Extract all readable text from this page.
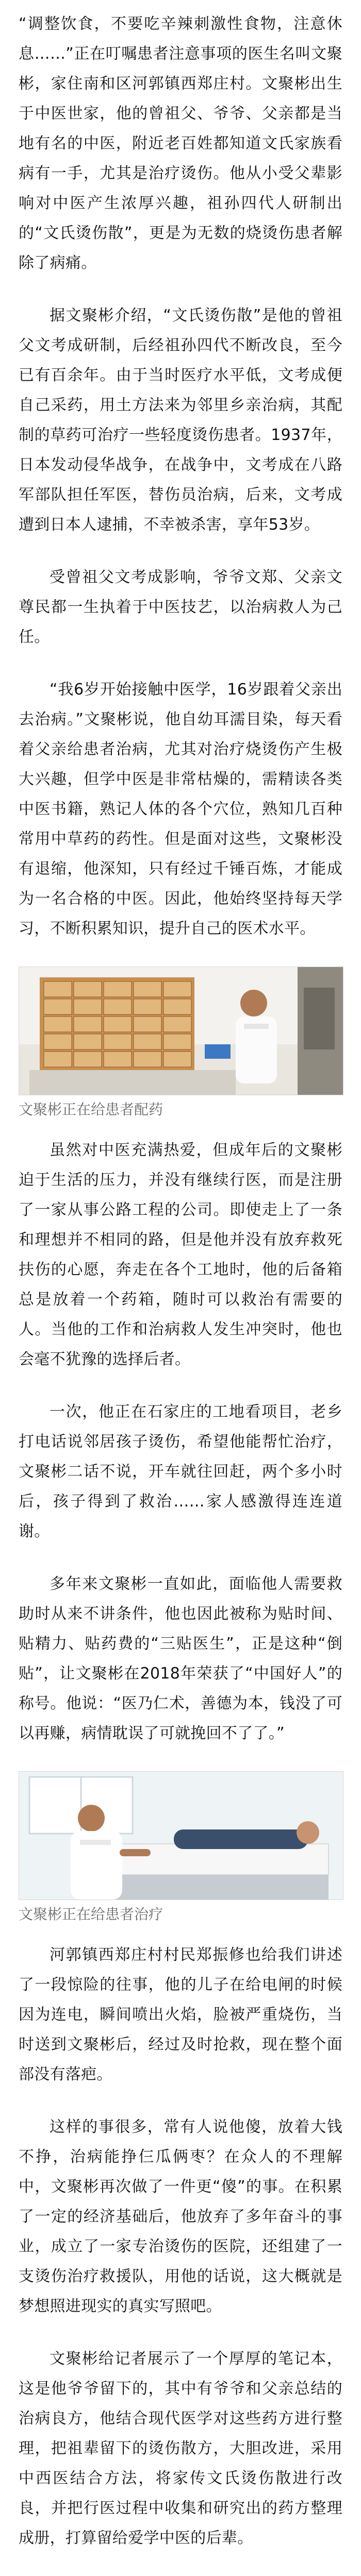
“调整饮食，不要吃辛辣刺激性食物，注意休息……”正在叮嘱患者注意事项的医生名叫文聚彬，家住南和区河郭镇西郑庄村。文聚彬出生于中医世家，他的曾祖父、爷爷、父亲都是当地有名的中医，附近老百姓都知道文氏家族看病有一手，尤其是治疗烫伤。他从小受父辈影响对中医产生浓厚兴趣，祖孙四代人研制出的“文氏烫伤散”，更是为无数的烧烫伤患者解除了病痛。

据文聚彬介绍，“文氏烫伤散”是他的曾祖父文考成研制，后经祖孙四代不断改良，至今已有百余年。由于当时医疗水平低，文考成便自己采药，用土方法来为邻里乡亲治病，其配制的草药可治疗一些轻度烫伤患者。1937年，日本发动侵华战争，在战争中，文考成在八路军部队担任军医，替伤员治病，后来，文考成遭到日本人逮捕，不幸被杀害，享年53岁。

受曾祖父文考成影响，爷爷文郑、父亲文尊民都一生执着于中医技艺，以治病救人为己任。

“我6岁开始接触中医学，16岁跟着父亲出去治病。”文聚彬说，他自幼耳濡目染，每天看着父亲给患者治病，尤其对治疗烧烫伤产生极大兴趣，但学中医是非常枯燥的，需精读各类中医书籍，熟记人体的各个穴位，熟知几百种常用中草药的药性。但是面对这些，文聚彬没有退缩，他深知，只有经过千锤百炼，才能成为一名合格的中医。因此，他始终坚持每天学习，不断积累知识，提升自己的医术水平。

文聚彬正在给患者配药

虽然对中医充满热爱，但成年后的文聚彬迫于生活的压力，并没有继续行医，而是注册了一家从事公路工程的公司。即使走上了一条和理想并不相同的路，但是他并没有放弃救死扶伤的心愿，奔走在各个工地时，他的后备箱总是放着一个药箱，随时可以救治有需要的人。当他的工作和治病救人发生冲突时，他也会毫不犹豫的选择后者。

一次，他正在石家庄的工地看项目，老乡打电话说邻居孩子烫伤，希望他能帮忙治疗，文聚彬二话不说，开车就往回赶，两个多小时后，孩子得到了救治……家人感激得连连道谢。

多年来文聚彬一直如此，面临他人需要救助时从来不讲条件，他也因此被称为贴时间、贴精力、贴药费的“三贴医生”，正是这种“倒贴”，让文聚彬在2018年荣获了“中国好人”的称号。他说：“医乃仁术，善德为本，钱没了可以再赚，病情耽误了可就挽回不了了。”

文聚彬正在给患者治疗

河郭镇西郑庄村村民郑振修也给我们讲述了一段惊险的往事，他的儿子在给电闸的时候因为连电，瞬间喷出火焰，脸被严重烧伤，当时送到文聚彬后，经过及时抢救，现在整个面部没有落疤。

这样的事很多，常有人说他傻，放着大钱不挣，治病能挣仨瓜俩枣？在众人的不理解中，文聚彬再次做了一件更“傻”的事。在积累了一定的经济基础后，他放弃了多年奋斗的事业，成立了一家专治烫伤的医院，还组建了一支烫伤治疗救援队，用他的话说，这大概就是梦想照进现实的真实写照吧。

文聚彬给记者展示了一个厚厚的笔记本，这是他爷爷留下的，其中有爷爷和父亲总结的治病良方，他结合现代医学对这些药方进行整理，把祖辈留下的烫伤散方，大胆改进，采用中西医结合方法，将家传文氏烫伤散进行改良，并把行医过程中收集和研究出的药方整理成册，打算留给爱学中医的后辈。
